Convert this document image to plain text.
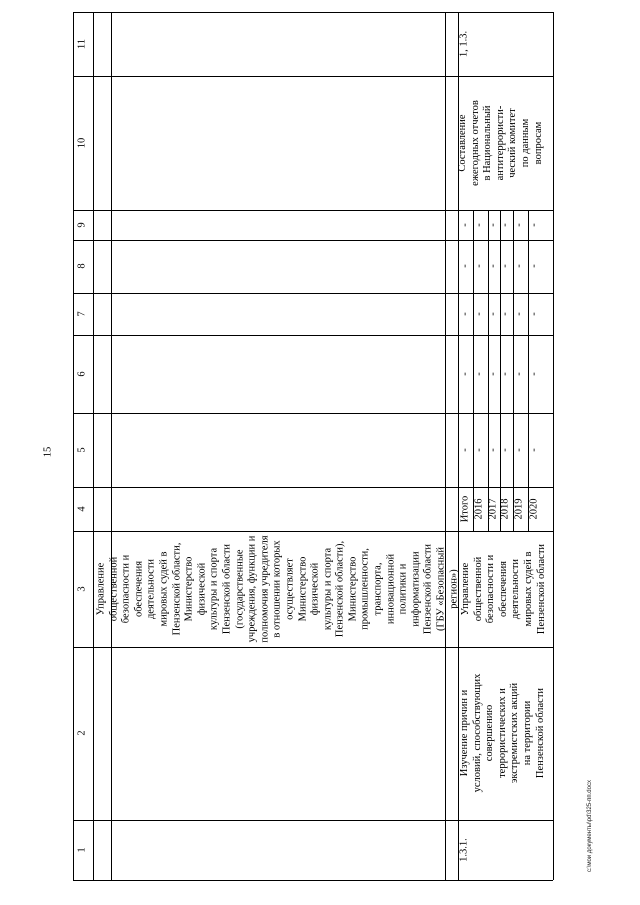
15
c:\мои документы\pd\325-пп.docx
1
2
3
4
5
6
7
8
9
10
11
Управление
общественной
безопасности и
обеспечения
деятельности
мировых судей в
Пензенской области,
Министерство
физической
культуры и спорта
Пензенской области
(государственные
учреждения, функции и
полномочия учредителя
в отношении которых
осуществляет
Министерство
физической
культуры и спорта
Пензенской области),
Министерство
промышленности,
транспорта,
инновационной
политики и
информатизации
Пензенской области
(ГБУ «Безопасный
регион»)
1.3.1.
Изучение причин и
условий, способствующих
совершению
террористических и
экстремистских акций
на территории
Пензенской области
Управление
общественной
безопасности и
обеспечения
деятельности
мировых судей в
Пензенской области
Итого 2016 2017 2018 2019 2020
- - - - - -
- - - - - -
- - - - - -
- - - - - -
- - - - - -
Составление
ежегодных отчетов
в Национальный
антитеррористи-
ческий комитет
по данным
вопросам
1, 1.3.
